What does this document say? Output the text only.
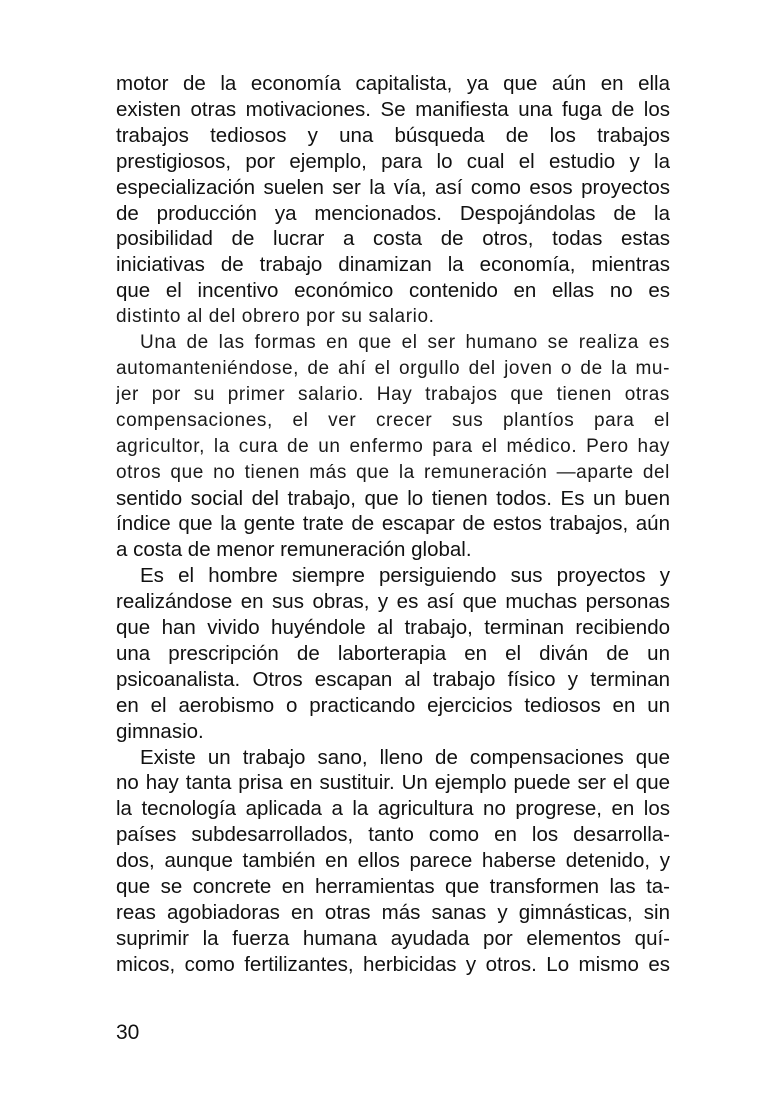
motor de la economía capitalista, ya que aún en ella
existen otras motivaciones. Se manifiesta una fuga de los
trabajos tediosos y una búsqueda de los trabajos
prestigiosos, por ejemplo, para lo cual el estudio y la
especialización suelen ser la vía, así como esos proyectos
de producción ya mencionados. Despojándolas de la
posibilidad de lucrar a costa de otros, todas estas
iniciativas de trabajo dinamizan la economía, mientras
que el incentivo económico contenido en ellas no es
distinto al del obrero por su salario.
Una de las formas en que el ser humano se realiza es
automanteniéndose, de ahí el orgullo del joven o de la mu-
jer por su primer salario. Hay trabajos que tienen otras
compensaciones, el ver crecer sus plantíos para el
agricultor, la cura de un enfermo para el médico. Pero hay
otros que no tienen más que la remuneración —aparte del
sentido social del trabajo, que lo tienen todos. Es un buen
índice que la gente trate de escapar de estos trabajos, aún
a costa de menor remuneración global.
Es el hombre siempre persiguiendo sus proyectos y
realizándose en sus obras, y es así que muchas personas
que han vivido huyéndole al trabajo, terminan recibiendo
una prescripción de laborterapia en el diván de un
psicoanalista. Otros escapan al trabajo físico y terminan
en el aerobismo o practicando ejercicios tediosos en un
gimnasio.
Existe un trabajo sano, lleno de compensaciones que
no hay tanta prisa en sustituir. Un ejemplo puede ser el que
la tecnología aplicada a la agricultura no progrese, en los
países subdesarrollados, tanto como en los desarrolla-
dos, aunque también en ellos parece haberse detenido, y
que se concrete en herramientas que transformen las ta-
reas agobiadoras en otras más sanas y gimnásticas, sin
suprimir la fuerza humana ayudada por elementos quí-
micos, como fertilizantes, herbicidas y otros. Lo mismo es
30
